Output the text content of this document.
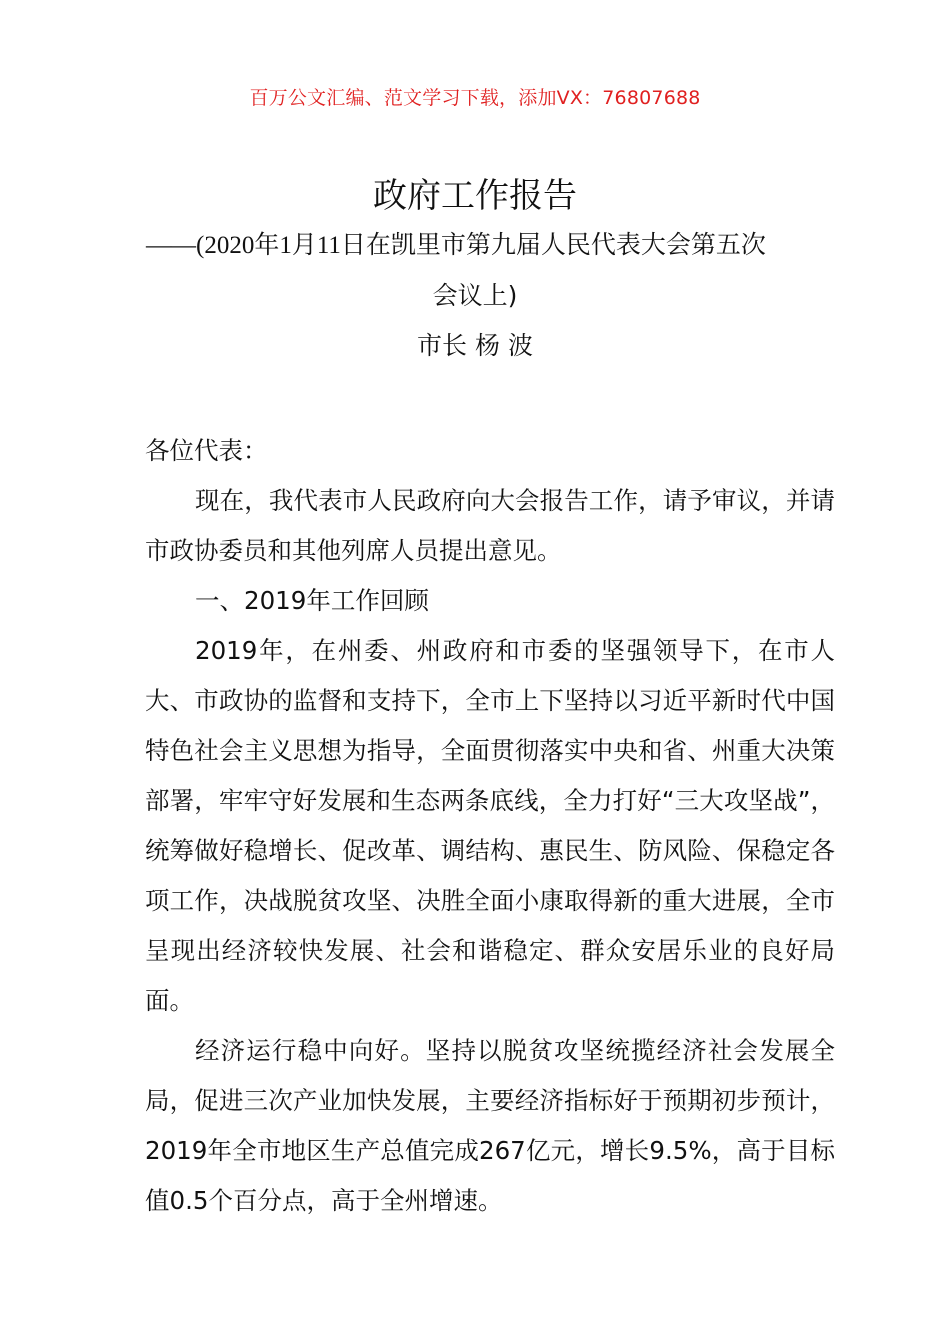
百万公文汇编、范文学习下载，添加VX：76807688
政府工作报告
——(2020年1月11日在凯里市第九届人民代表大会第五次
会议上)
市长 杨 波

各位代表：

现在，我代表市人民政府向大会报告工作，请予审议，并请市政协委员和其他列席人员提出意见。

一、2019年工作回顾

2019年，在州委、州政府和市委的坚强领导下，在市人大、市政协的监督和支持下，全市上下坚持以习近平新时代中国特色社会主义思想为指导，全面贯彻落实中央和省、州重大决策部署，牢牢守好发展和生态两条底线，全力打好“三大攻坚战”，统筹做好稳增长、促改革、调结构、惠民生、防风险、保稳定各项工作，决战脱贫攻坚、决胜全面小康取得新的重大进展，全市呈现出经济较快发展、社会和谐稳定、群众安居乐业的良好局面。

经济运行稳中向好。坚持以脱贫攻坚统揽经济社会发展全局，促进三次产业加快发展，主要经济指标好于预期初步预计，2019年全市地区生产总值完成267亿元，增长9.5%，高于目标值0.5个百分点，高于全州增速。
